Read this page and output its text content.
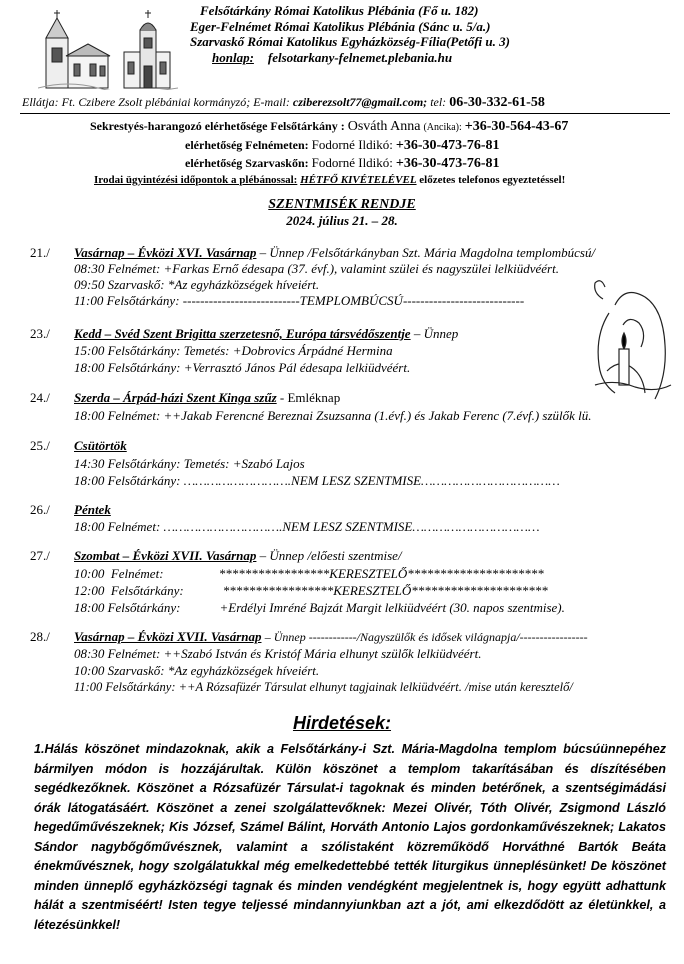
Felsőtárkány Római Katolikus Plébánia (Fő u. 182)
Eger-Felnémet Római Katolikus Plébánia (Sánc u. 5/a.)
Szarvaskő Római Katolikus Egyházközség-Fília(Petőfi u. 3)
honlap: felsotarkany-felnemet.plebania.hu
Ellátja: Ft. Czibere Zsolt plébániai kormányzó; E-mail: cziberezsolt77@gmail.com; tel: 06-30-332-61-58
Sekrestyés-harangozó elérhetősége Felsőtárkány : Osváth Anna (Ancika): +36-30-564-43-67
elérhetőség Felnémeten: Fodorné Ildikó: +36-30-473-76-81
elérhetőség Szarvaskőn: Fodorné Ildikó: +36-30-473-76-81
Irodai ügyintézési időpontok a plébánossal: HÉTFŐ KIVÉTELÉVEL előzetes telefonos egyeztetéssel!
SZENTMISÉK RENDJE
2024. július 21. – 28.
21./ Vasárnap – Évközi XVI. Vasárnap – Ünnep /Felsőtárkányban Szt. Mária Magdolna templombúcsú/
08:30 Felnémet: +Farkas Ernő édesapa (37. évf.), valamint szülei és nagyszülei lelkiüdvéért.
09:50 Szarvaskő: *Az egyházközségek híveiért.
11:00 Felsőtárkány: ---------------------------TEMPLOMBÚCSÚ----------------------------
23./ Kedd – Svéd Szent Brigitta szerzetesnő, Európa társvédőszentje – Ünnep
15:00 Felsőtárkány: Temetés: +Dobrovics Árpádné Hermina
18:00 Felsőtárkány: +Verrasztó János Pál édesapa lelkiüdvéért.
24./ Szerda – Árpád-házi Szent Kinga szűz - Emléknap
18:00 Felnémet: ++Jakab Ferencné Bereznai Zsuzsanna (1.évf.) és Jakab Ferenc (7.évf.) szülők lü.
25./ Csütörtök
14:30 Felsőtárkány: Temetés: +Szabó Lajos
18:00 Felsőtárkány: ……………………….NEM LESZ SZENTMISE………………………………
26./ Péntek
18:00 Felnémet: ………………………….NEM LESZ SZENTMISE……………………………
27./ Szombat – Évközi XVII. Vasárnap – Ünnep /előesti szentmise/
10:00  Felnémet:                 *****************KERESZTELŐ*********************
12:00  Felsőtárkány:            *****************KERESZTELŐ*********************
18:00 Felsőtárkány:            +Erdélyi Imréné Bajzát Margit lelkiüdvéért (30. napos szentmise).
28./ Vasárnap – Évközi XVII. Vasárnap – Ünnep ------------/Nagyszülők és idősek világnapja/-----------------
08:30 Felnémet: ++Szabó István és Kristóf Mária elhunyt szülők lelkiüdvéért.
10:00 Szarvaskő: *Az egyházközségek híveiért.
11:00 Felsőtárkány: ++A Rózsafüzér Társulat elhunyt tagjainak lelkiüdvéért. /mise után keresztelő/
Hirdetések:
1.Hálás köszönet mindazoknak, akik a Felsőtárkány-i Szt. Mária-Magdolna templom búcsúünnepéhez bármilyen módon is hozzájárultak. Külön köszönet a templom takarításában és díszítésében segédkezőknek. Köszönet a Rózsafüzér Társulat-i tagoknak és minden betérőnek, a szentségimádási órák látogatásáért. Köszönet a zenei szolgálattevőknek: Mezei Olivér, Tóth Olivér, Zsigmond László hegedűművészeknek; Kis József, Számel Bálint, Horváth Antonio Lajos gordonkaművészeknek; Lakatos Sándor nagybőgőművésznek, valamint a szólistaként közreműködő Horváthné Bartók Beáta énekművésznek, hogy szolgálatukkal még emelkedettebbé tették liturgikus ünneplésünket! De köszönet minden ünneplő egyházközségi tagnak és minden vendégként megjelentnek is, hogy együtt adhattunk hálát a szentmiséért! Isten tegye teljessé mindannyiunkban azt a jót, ami elkezdődött az életünkkel, a létezésünkkel!
